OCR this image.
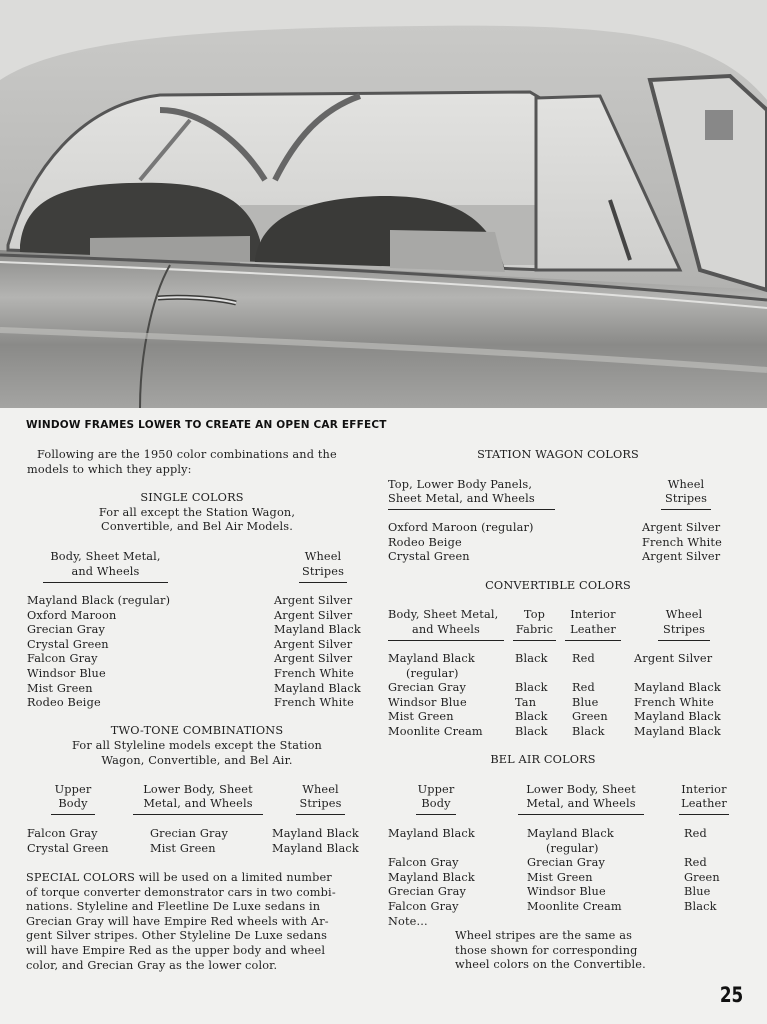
WINDOW FRAMES LOWER TO CREATE AN OPEN CAR EFFECT
Following are the 1950 color combinations and the
models to which they apply:
SINGLE COLORS
For all except the Station Wagon,
Convertible, and Bel Air Models.
Body, Sheet Metal,
and Wheels
Wheel
Stripes
Mayland Black (regular)
Oxford Maroon
Grecian Gray
Crystal Green
Falcon Gray
Windsor Blue
Mist Green
Rodeo Beige
Argent Silver
Argent Silver
Mayland Black
Argent Silver
Argent Silver
French White
Mayland Black
French White
TWO-TONE COMBINATIONS
For all Styleline models except the Station
Wagon, Convertible, and Bel Air.
Upper
Body
Lower Body, Sheet
Metal, and Wheels
Wheel
Stripes
Falcon Gray
Crystal Green
Grecian Gray
Mist Green
Mayland Black
Mayland Black
SPECIAL COLORS will be used on a limited number
of torque converter demonstrator cars in two combi-
nations. Styleline and Fleetline De Luxe sedans in
Grecian Gray will have Empire Red wheels with Ar-
gent Silver stripes. Other Styleline De Luxe sedans
will have Empire Red as the upper body and wheel
color, and Grecian Gray as the lower color.
STATION WAGON COLORS
Top, Lower Body Panels,
Sheet Metal, and Wheels
Wheel
Stripes
Oxford Maroon (regular)
Rodeo Beige
Crystal Green
Argent Silver
French White
Argent Silver
CONVERTIBLE COLORS
Body, Sheet Metal,
and Wheels
Top
Fabric
Interior
Leather
Wheel
Stripes
Mayland Black
(regular)
Grecian Gray
Windsor Blue
Mist Green
Moonlite Cream
Black
Black
Tan
Black
Black
Red
Red
Blue
Green
Black
Argent Silver
Mayland Black
French White
Mayland Black
Mayland Black
BEL AIR COLORS
Upper
Body
Lower Body, Sheet
Metal, and Wheels
Interior
Leather
Mayland Black
Falcon Gray
Mayland Black
Grecian Gray
Falcon Gray
Note...
Mayland Black
(regular)
Grecian Gray
Mist Green
Windsor Blue
Moonlite Cream
Red
Red
Green
Blue
Black
Wheel stripes are the same as
those shown for corresponding
wheel colors on the Convertible.
25
